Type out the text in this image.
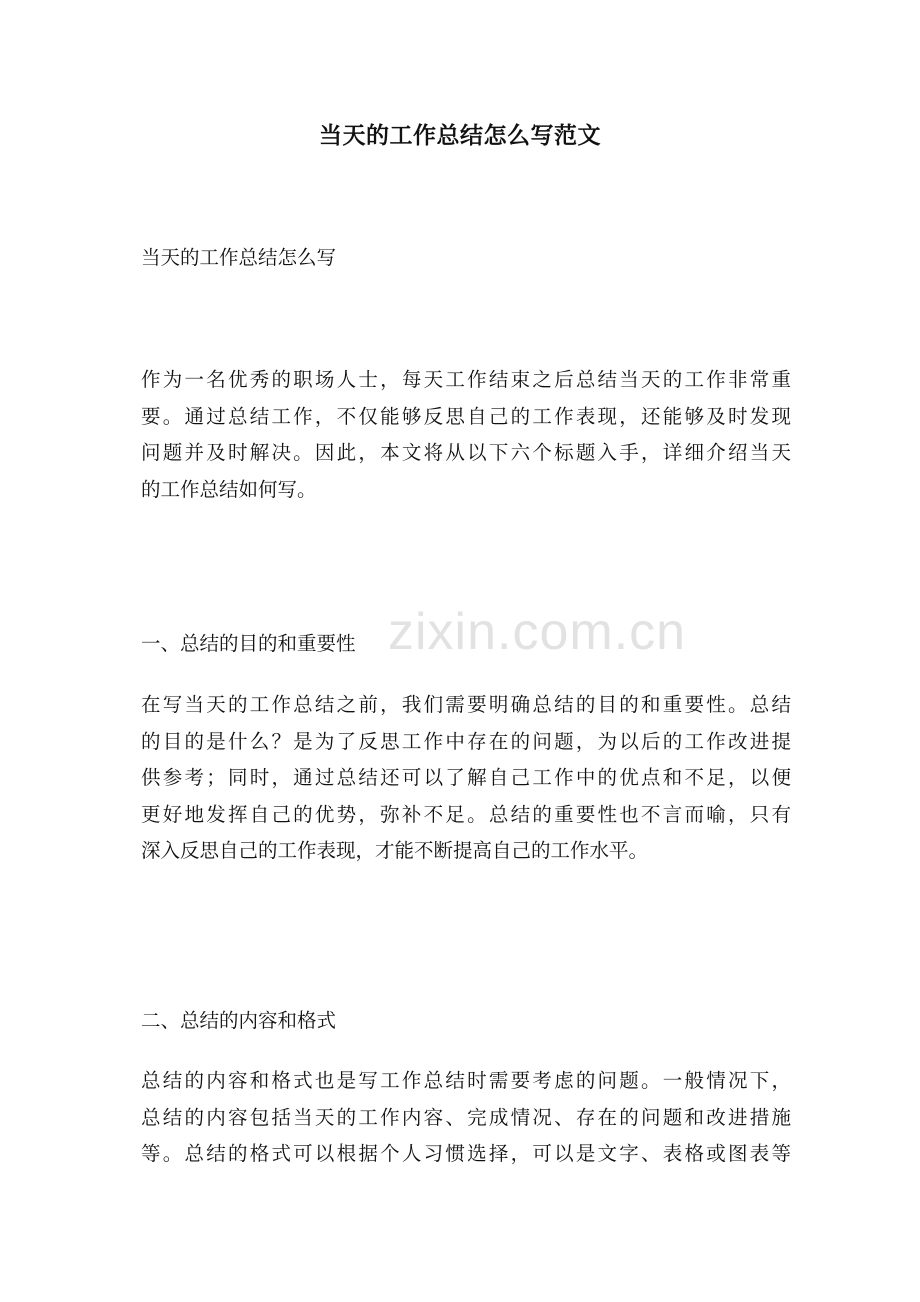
当天的工作总结怎么写范文
当天的工作总结怎么写
作为一名优秀的职场人士，每天工作结束之后总结当天的工作非常重
要。通过总结工作，不仅能够反思自己的工作表现，还能够及时发现
问题并及时解决。因此，本文将从以下六个标题入手，详细介绍当天
的工作总结如何写。
一、总结的目的和重要性
在写当天的工作总结之前，我们需要明确总结的目的和重要性。总结
的目的是什么？是为了反思工作中存在的问题，为以后的工作改进提
供参考；同时，通过总结还可以了解自己工作中的优点和不足，以便
更好地发挥自己的优势，弥补不足。总结的重要性也不言而喻，只有
深入反思自己的工作表现，才能不断提高自己的工作水平。
二、总结的内容和格式
总结的内容和格式也是写工作总结时需要考虑的问题。一般情况下，
总结的内容包括当天的工作内容、完成情况、存在的问题和改进措施
等。总结的格式可以根据个人习惯选择，可以是文字、表格或图表等
zixin.com.cn
